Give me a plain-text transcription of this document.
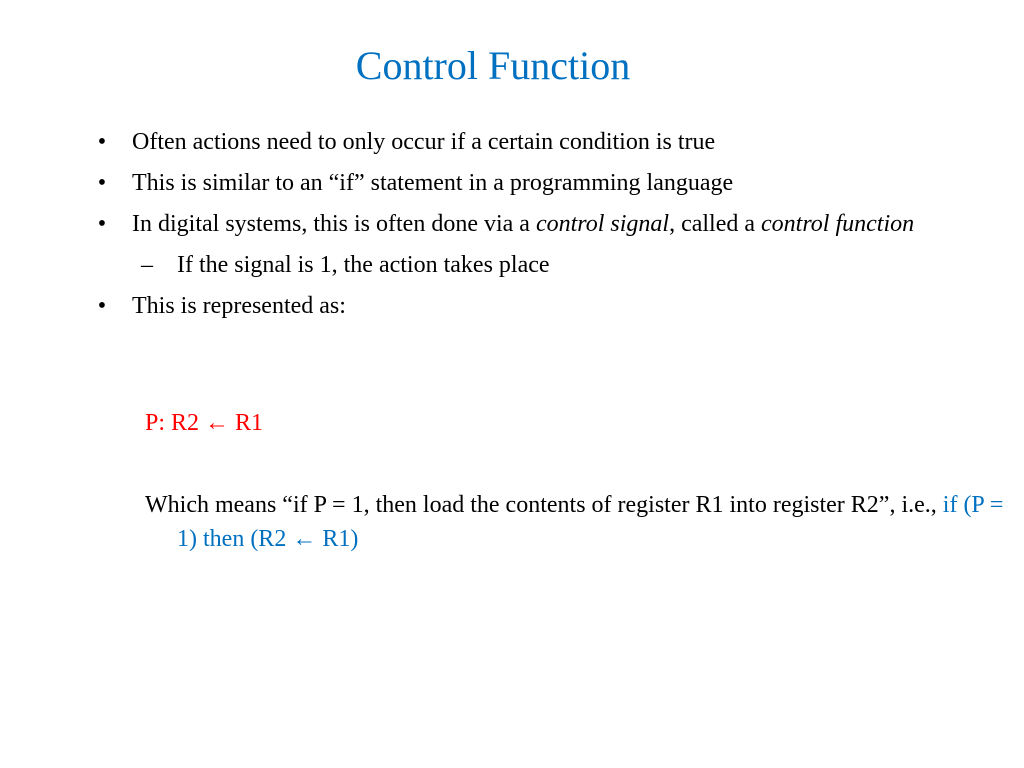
Control Function
• Often actions need to only occur if a certain condition is true
• This is similar to an “if” statement in a programming language
• In digital systems, this is often done via a control signal, called a control function
– If the signal is 1, the action takes place
• This is represented as:
P: R2 ← R1
Which means “if P = 1, then load the contents of register R1 into register R2”, i.e., if (P = 1) then (R2 ← R1)
